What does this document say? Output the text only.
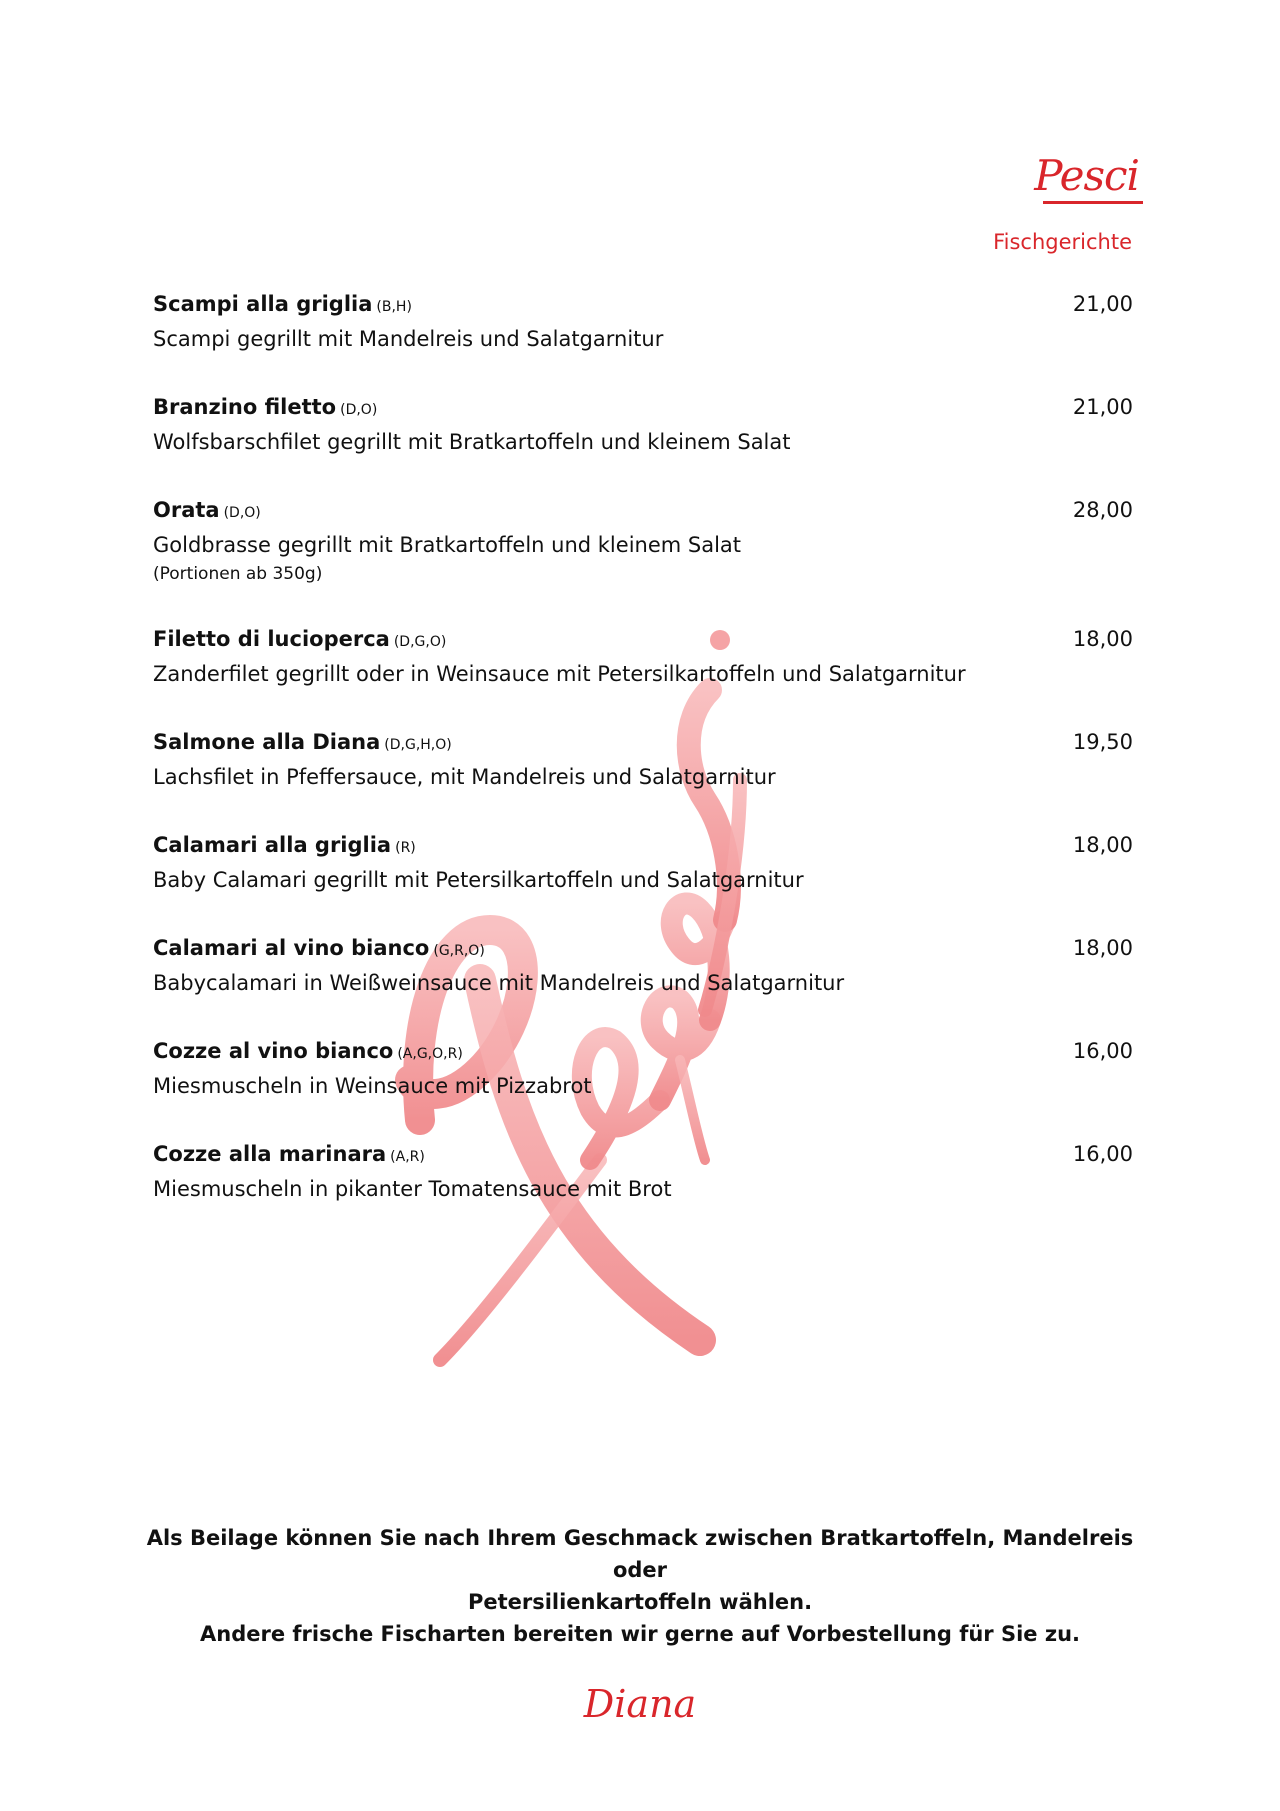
Pesci
Fischgerichte
Scampi alla griglia (B,H)	21,00
Scampi gegrillt mit Mandelreis und Salatgarnitur
Branzino filetto (D,O)	21,00
Wolfsbarschfilet gegrillt mit Bratkartoffeln und kleinem Salat
Orata (D,O)	28,00
Goldbrasse gegrillt mit Bratkartoffeln und kleinem Salat
(Portionen ab 350g)
Filetto di lucioperca (D,G,O)	18,00
Zanderfilet gegrillt oder in Weinsauce mit Petersilkartoffeln und Salatgarnitur
Salmone alla Diana (D,G,H,O)	19,50
Lachsfilet in Pfeffersauce, mit Mandelreis und Salatgarnitur
Calamari alla griglia (R)	18,00
Baby Calamari gegrillt mit Petersilkartoffeln und Salatgarnitur
Calamari al vino bianco (G,R,O)	18,00
Babycalamari in Weißweinsauce mit Mandelreis und Salatgarnitur
Cozze al vino bianco (A,G,O,R)	16,00
Miesmuscheln in Weinsauce mit Pizzabrot
Cozze alla marinara (A,R)	16,00
Miesmuscheln in pikanter Tomatensauce mit Brot
Als Beilage können Sie nach Ihrem Geschmack zwischen Bratkartoffeln, Mandelreis oder
Petersilienkartoffeln wählen.
Andere frische Fischarten bereiten wir gerne auf Vorbestellung für Sie zu.
Diana
